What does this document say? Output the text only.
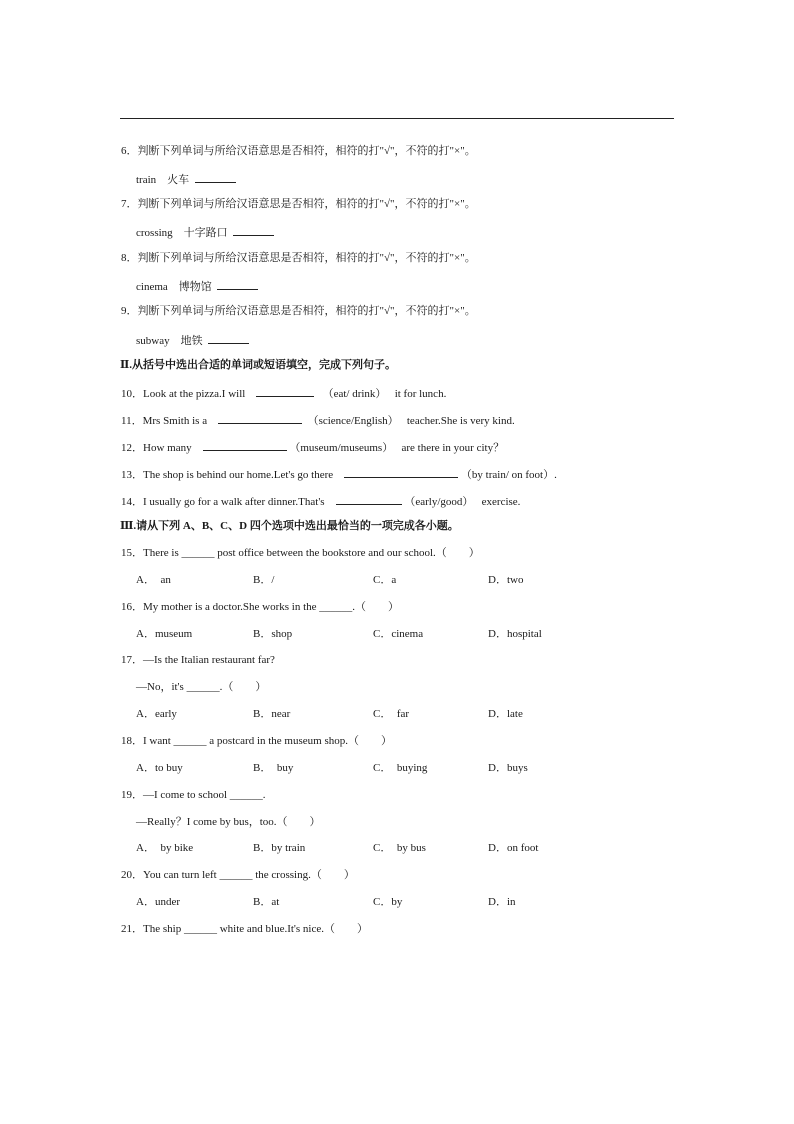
6．判断下列单词与所给汉语意思是否相符，相符的打"√"，不符的打"×"。
train 火车
7．判断下列单词与所给汉语意思是否相符，相符的打"√"，不符的打"×"。
crossing 十字路口
8．判断下列单词与所给汉语意思是否相符，相符的打"√"，不符的打"×"。
cinema 博物馆
9．判断下列单词与所给汉语意思是否相符，相符的打"√"，不符的打"×"。
subway 地铁
Ⅱ.从括号中选出合适的单词或短语填空，完成下列句子。
10．Look at the pizza.I will	（eat/ drink） it for lunch.
11．Mrs Smith is a	（science/English） teacher.She is very kind.
12．How many	（museum/museums） are there in your city？
13．The shop is behind our home.Let's go there	（by train/ on foot）.
14．I usually go for a walk after dinner.That's	（early/good） exercise.
Ⅲ.请从下列 A、B、C、D 四个选项中选出最恰当的一项完成各小题。
15．There is ______ post office between the bookstore and our school.（　　）
A．　an	B．/	C．a	D．two
16．My mother is a doctor.She works in the ______.（　　）
A．museum	B．shop	C．cinema	D．hospital
17．—Is the Italian restaurant far?
—No，it's ______.（　　）
A．early	B．near	C．　far	D．late
18．I want ______ a postcard in the museum shop.（　　）
A．to buy	B．　buy	C．　buying	D．buys
19．—I come to school ______.
—Really？I come by bus，too.（　　）
A．　by bike	B．by train	C．　by bus	D．on foot
20．You can turn left ______ the crossing.（　　）
A．under	B．at	C．by	D．in
21．The ship ______ white and blue.It's nice.（　　）
